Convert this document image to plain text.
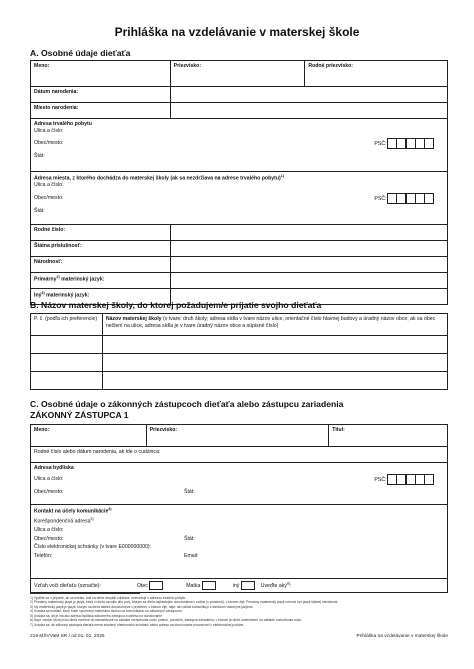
Prihláška na vzdelávanie v materskej škole
A. Osobné údaje dieťaťa
Meno:	Priezvisko:	Rodné priezvisko:
Dátum narodenia:		
Miesto narodenia:		

Adresa trvalého pobytu
Ulica a číslo:
Obec/mesto: PSČ:
Štát:		

Adresa miesta, z ktorého dochádza do materskej školy (ak sa nezdržiava na adrese trvalého pobytu)$^{1)}$
Ulica a číslo:
Obec/mesto: PSČ:
Štát:		

Rodné číslo:		
Štátna príslušnosť:		
Národnosť:		
Primárny$^{2)}$ materinský jazyk:		
Iný$^{3)}$ materinský jazyk:		
B. Názov materskej školy, do ktorej požadujem/e prijatie svojho dieťaťa
P. č. (podľa ich preferencie)	Názov materskej školy (v tvare: druh školy; adresa sídla v tvare názov ulice, orientačné číslo hlavnej budovy a úradný názov obce; ak sa obec nečlení na ulice, adresa sídla je v tvare úradný názov obce a súpisné číslo)

C. Osobné údaje o zákonných zástupcoch dieťaťa alebo zástupcu zariadenia
ZÁKONNÝ ZÁSTUPCA 1
Meno:	Priezvisko:	Titul:
Rodné číslo alebo dátum narodenia, ak ide o cudzinca:

Adresa bydliska
Ulica a číslo:	PSČ:
Obec/mesto:	Štát:

Kontakt na účely komunikácie$^{4)}$
Korešpondenčná adresa$^{5)}$
Ulica a číslo:
Obec/mesto:	Štát:
Číslo elektronickej schránky (v tvare E000000000):
Telefón:	Email:

Vzťah voči dieťaťu (označte):	Otec	Matka	iný	Uveďte aký$^{6)}$:
1) Vyplňte sa v prípade, ak sa miesto, kde sa dieťa obvykle zdržiava, nezhoduje s adresou trvalého pobytu.
2) Primárny materinský jazyk je jazyk, ktorý si dieťa osvojilo ako prvý, ktorým sa dieťa najčastejšie dorozumieva v rodine (v prostredí), v ktorom žije. Primárny materinský jazyk nemusí byť jazyk štátnej národnosti.
3) Iný materinský jazyk je jazyk, ktorým sa dieťa taktiež dorozumieva v prostredí, v ktorom žije, napr. ak rodičia komunikujú s dieťaťom viacerými jazykmi.
4) Uvádza sa kontakt, ktorý bude využívaný materskou školou na komunikáciu so zákonným zástupcom.
5) Uvádza sa, ak je iná ako adresa bydliska zákonného zástupcu a adresa na doručovanie.
6) Napr. osoba, ktorej bolo dieťa zverené do starostlivosti na základe rozhodnutia súdu, pestún, poručník, zástupca zariadenia, v ktorom je dieťa umiestnené na základe rozhodnutia súdu.
7) Uvádza sa, ak zákonný zástupca dieťaťa nemá zriadenú elektronickú schránku alebo adresu na doručovanie písomností v elektronickej podobe.
219 MŠVVaM SR / od 01. 01. 2026	Prihláška na vzdelávanie v materskej škole
